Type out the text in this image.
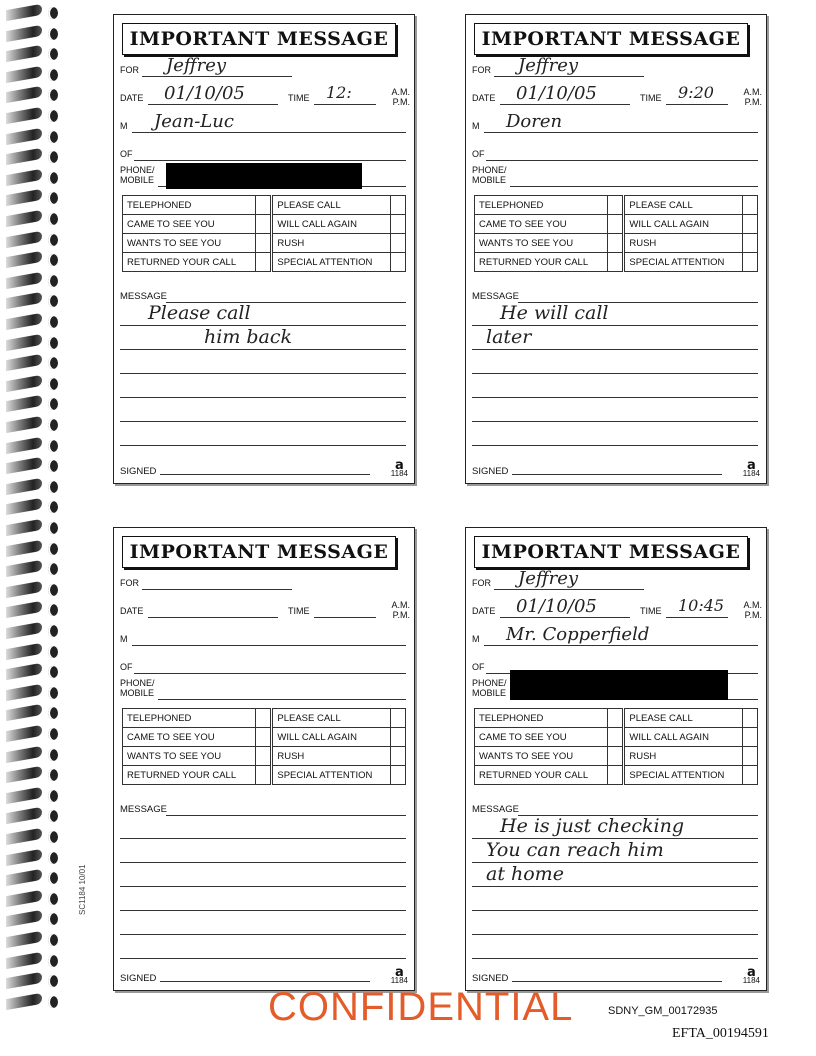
SC1184 10/01
IMPORTANT MESSAGE
FOR Jeffrey
DATE 01/10/05	TIME 12:	A.M.
P.M.
M Jean-Luc
OF
PHONE/
MOBILE
TELEPHONED		PLEASE CALL	
CAME TO SEE YOU		WILL CALL AGAIN	
WANTS TO SEE YOU		RUSH	
RETURNED YOUR CALL		SPECIAL ATTENTION	
MESSAGE
Please call
him back
SIGNED	a
1184
IMPORTANT MESSAGE
FOR Jeffrey
DATE 01/10/05	TIME 9:20	A.M.
P.M.
M Doren
OF
PHONE/
MOBILE
TELEPHONED		PLEASE CALL	
CAME TO SEE YOU		WILL CALL AGAIN	
WANTS TO SEE YOU		RUSH	
RETURNED YOUR CALL		SPECIAL ATTENTION	
MESSAGE
He will call
later
SIGNED	a
1184
IMPORTANT MESSAGE
FOR
DATE	TIME
A.M.
P.M.
M
OF
PHONE/
MOBILE
TELEPHONED		PLEASE CALL	
CAME TO SEE YOU		WILL CALL AGAIN	
WANTS TO SEE YOU		RUSH	
RETURNED YOUR CALL		SPECIAL ATTENTION	
MESSAGE
SIGNED	a
1184
IMPORTANT MESSAGE
FOR Jeffrey
DATE 01/10/05	TIME 10:45 A.M.
P.M.
M Mr. Copperfield
OF
PHONE/
MOBILE
TELEPHONED		PLEASE CALL	
CAME TO SEE YOU		WILL CALL AGAIN	
WANTS TO SEE YOU		RUSH	
RETURNED YOUR CALL		SPECIAL ATTENTION	
MESSAGE
He is just checking
You can reach him
at home
SIGNED	a
1184
CONFIDENTIAL	SDNY_GM_00172935
EFTA_00194591
